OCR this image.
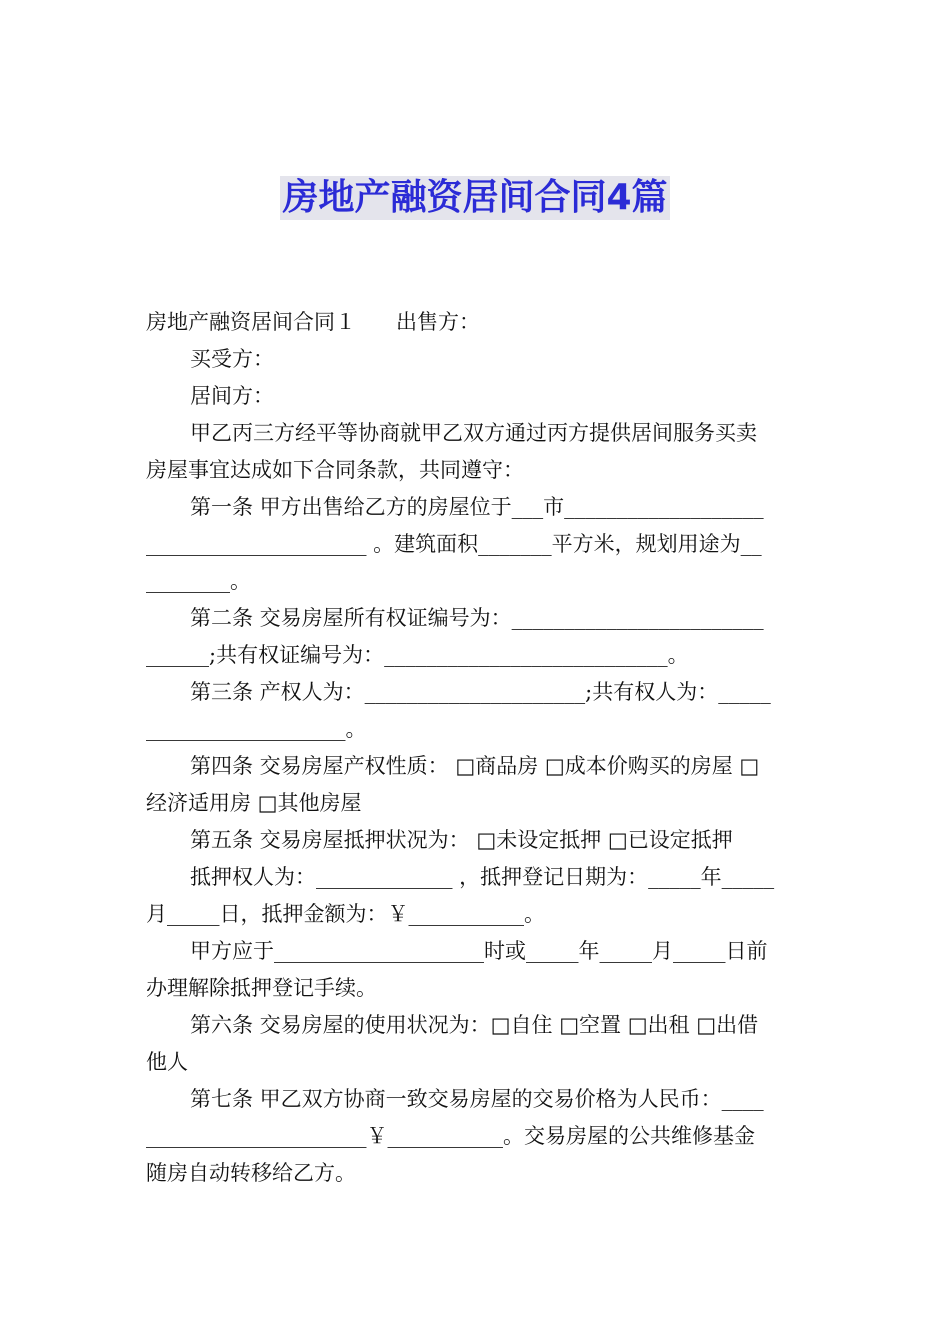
房地产融资居间合同4篇

房地产融资居间合同１ 出售方：

买受方：

居间方：

甲乙丙三方经平等协商就甲乙双方通过丙方提供居间服务买卖

房屋事宜达成如下合同条款，共同遵守：

第一条 甲方出售给乙方的房屋位于___市___________________

_____________________ 。建筑面积_______平方米，规划用途为__

________。

第二条 交易房屋所有权证编号为：________________________

______;共有权证编号为：___________________________。

第三条 产权人为：_____________________;共有权人为：_____

___________________。

第四条 交易房屋产权性质： □商品房 □成本价购买的房屋 □

经济适用房 □其他房屋

第五条 交易房屋抵押状况为： □未设定抵押 □已设定抵押

抵押权人为：_____________ ，抵押登记日期为：_____年_____

月_____日，抵押金额为：￥___________。

甲方应于____________________时或_____年_____月_____日前

办理解除抵押登记手续。

第六条 交易房屋的使用状况为：□自住 □空置 □出租 □出借

他人

第七条 甲乙双方协商一致交易房屋的交易价格为人民币：____

_____________________￥___________。交易房屋的公共维修基金

随房自动转移给乙方。
